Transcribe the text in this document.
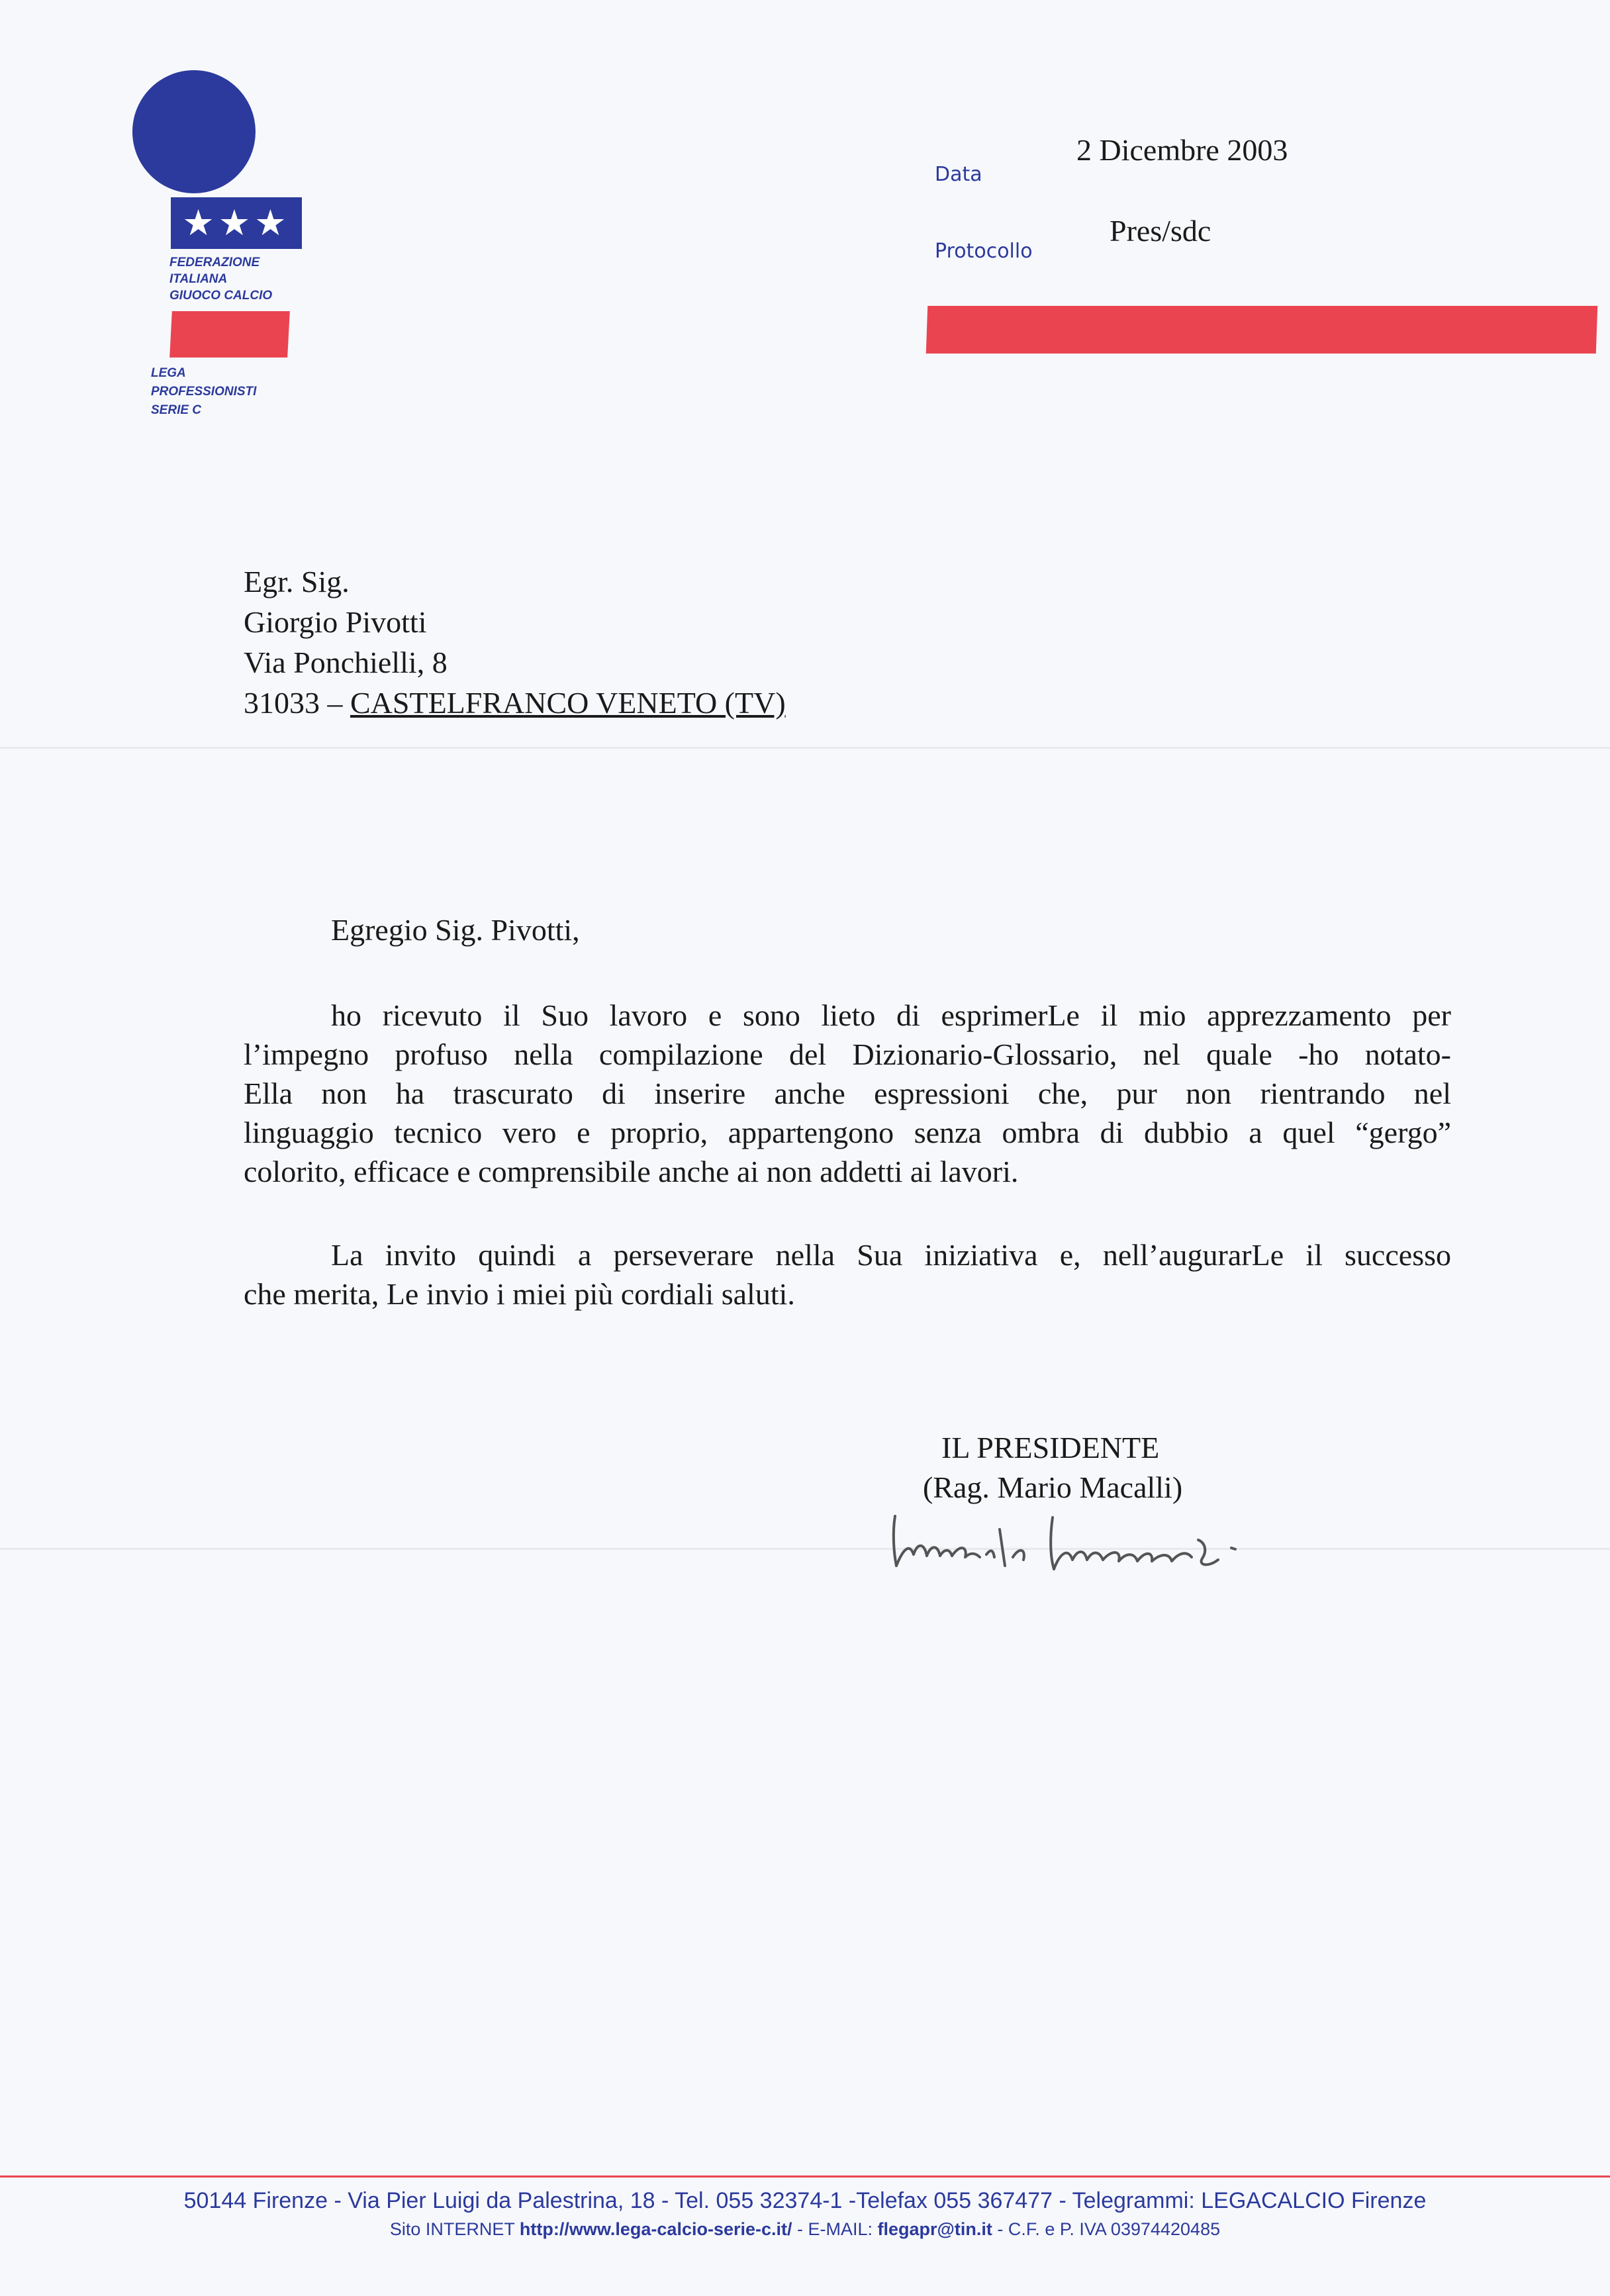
★★★
FEDERAZIONE
ITALIANA
GIUOCO CALCIO
LEGA
PROFESSIONISTI
SERIE C
Data
2 Dicembre 2003
Protocollo
Pres/sdc
Egr. Sig.
Giorgio Pivotti
Via Ponchielli, 8
31033 – CASTELFRANCO VENETO (TV)
Egregio Sig. Pivotti,
ho ricevuto il Suo lavoro e sono lieto di esprimerLe il mio apprezzamento per
l’impegno profuso nella compilazione del Dizionario-Glossario, nel quale -ho notato-
Ella non ha trascurato di inserire anche espressioni che, pur non rientrando nel
linguaggio tecnico vero e proprio, appartengono senza ombra di dubbio a quel “gergo”
colorito, efficace e comprensibile anche ai non addetti ai lavori.
La invito quindi a perseverare nella Sua iniziativa e, nell’augurarLe il successo
che merita, Le invio i miei più cordiali saluti.
IL PRESIDENTE
(Rag. Mario Macalli)
50144 Firenze - Via Pier Luigi da Palestrina, 18 - Tel. 055 32374-1 -Telefax 055 367477 - Telegrammi: LEGACALCIO Firenze
Sito INTERNET http://www.lega-calcio-serie-c.it/ - E-MAIL: flegapr@tin.it - C.F. e P. IVA 03974420485
